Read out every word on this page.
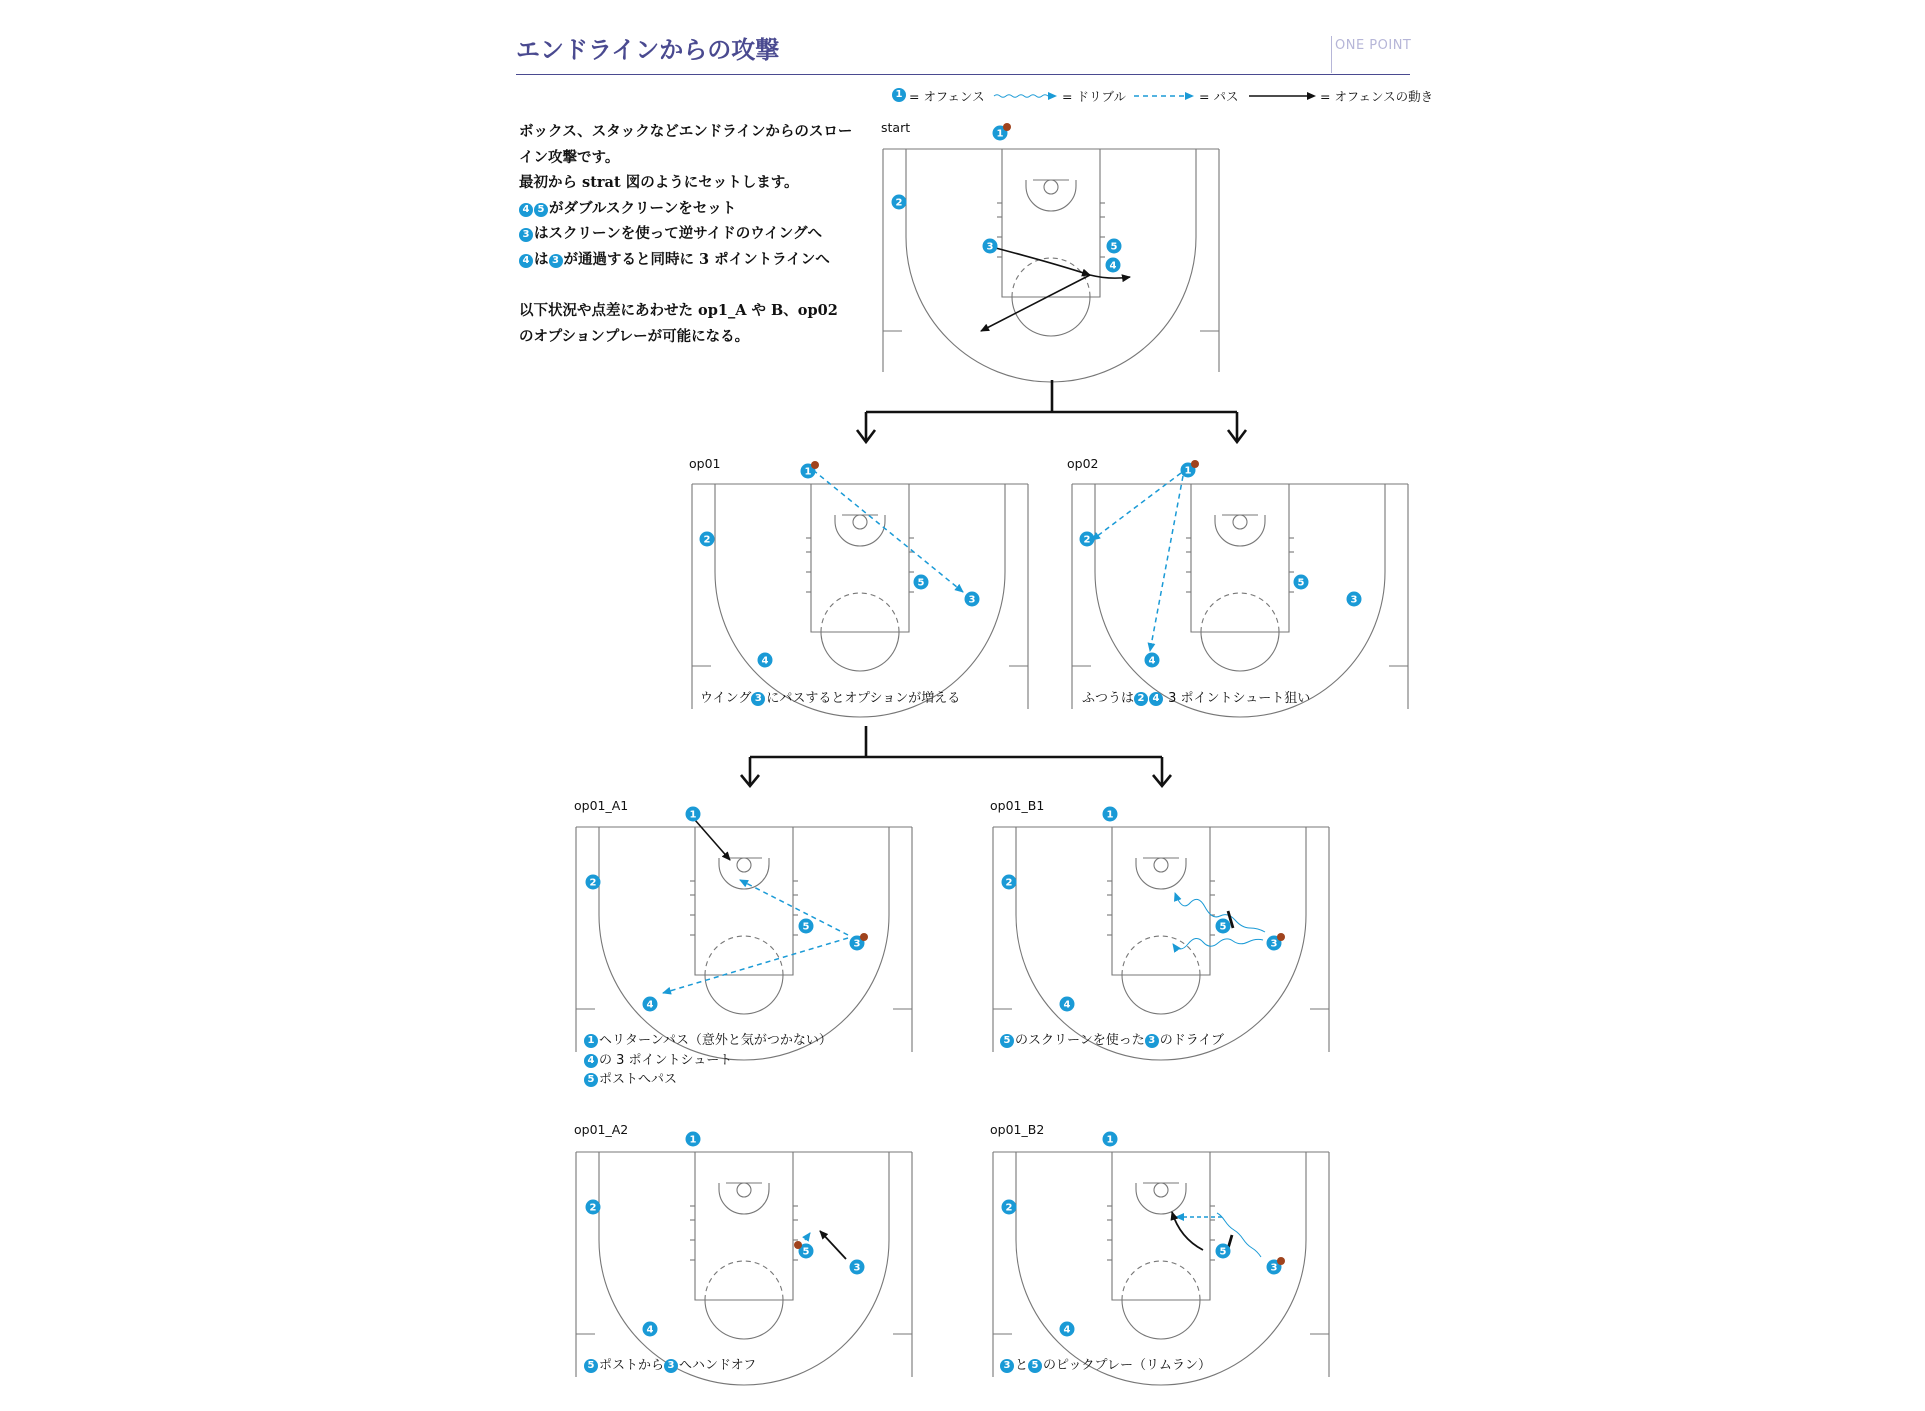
エンドラインからの攻撃	ONE POINT
1 = オフェンス	= ドリブル	= パス	= オフェンスの動き
ボックス、スタックなどエンドラインからのスロー
イン攻撃です。
最初から strat 図のようにセットします。
4 5 がダブルスクリーンをセット
3 はスクリーンを使って逆サイドのウイングへ
4 は 3 が通過すると同時に 3 ポイントラインへ
以下状況や点差にあわせた op1_A や B、op02
のオプションプレーが可能になる。
start
op01	op02
op01_A1	op01_B1
op01_A2	op01_B2
1
2
3	5
4
1
2
5
3
4
1
2
5
3
4
1
2
5
3
4
1
2
5
3
4
1
2
5
3
4
1
2
5
3
4
ウイング 3 にパスするとオプションが増える	ふつうは 2 4 3 ポイントシュート狙い
1 ヘリターンパス（意外と気がつかない）
4 の 3 ポイントシュート
5 ポストへパス
5 のスクリーンを使った 3 のドライブ
5 ポストから 3 へハンドオフ	3 と 5 のピックプレー（リムラン）
